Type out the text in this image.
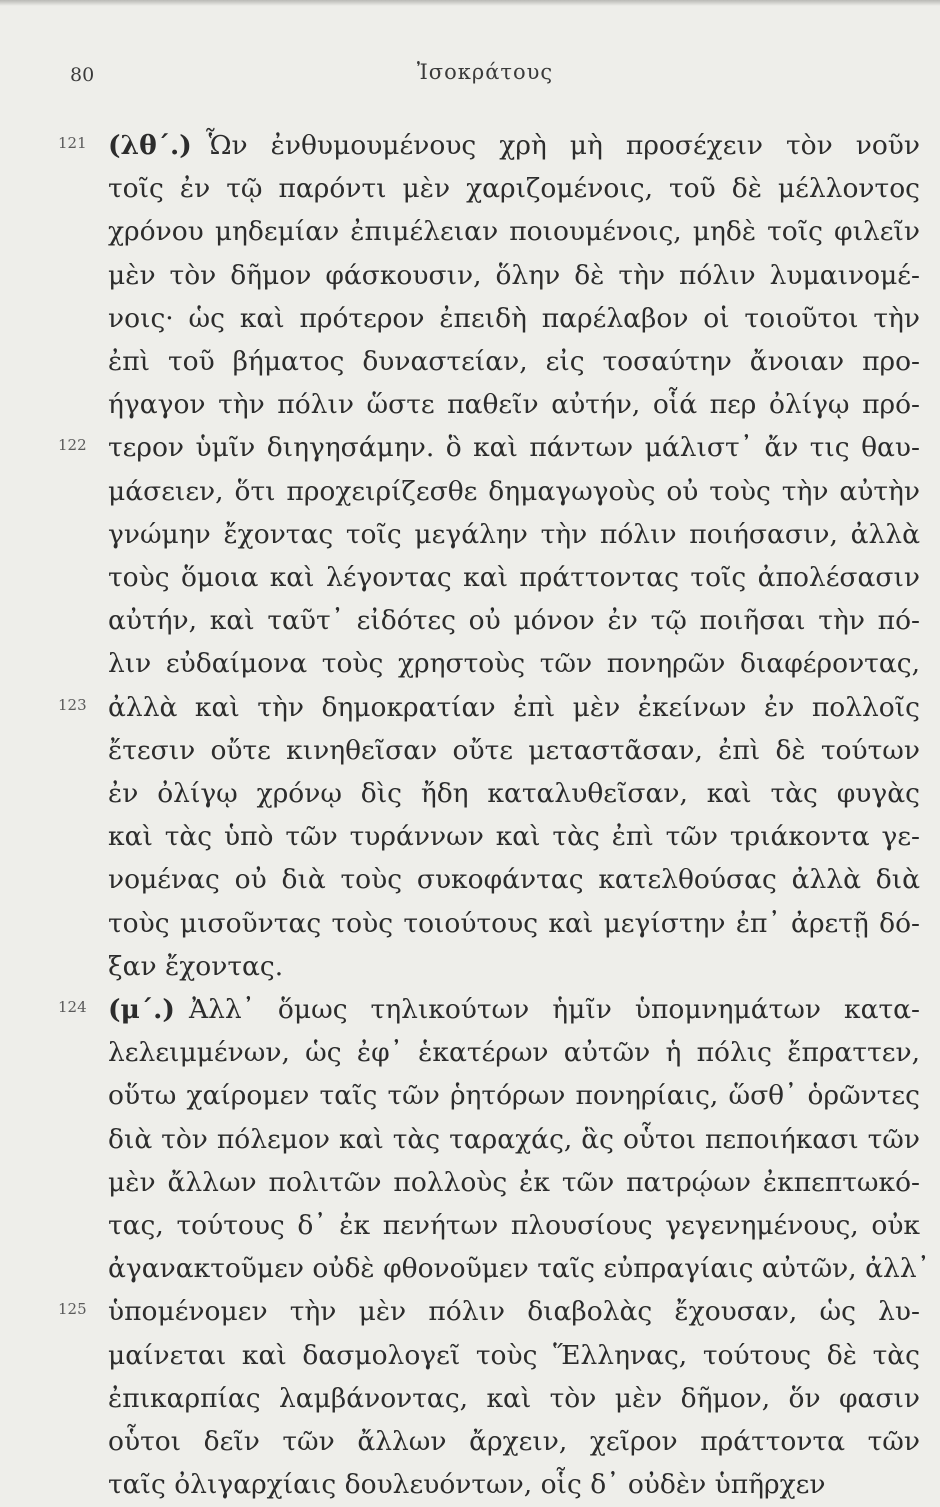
80	Ἰσοκράτους
121 (λθ΄.) Ὧν ἐνθυμουμένους χρὴ μὴ προσέχειν τὸν νοῦν
τοῖς ἐν τῷ παρόντι μὲν χαριζομένοις, τοῦ δὲ μέλλοντος
χρόνου μηδεμίαν ἐπιμέλειαν ποιουμένοις, μηδὲ τοῖς φιλεῖν
μὲν τὸν δῆμον φάσκουσιν, ὅλην δὲ τὴν πόλιν λυμαινομέ-
νοις· ὡς καὶ πρότερον ἐπειδὴ παρέλαβον οἱ τοιοῦτοι τὴν
ἐπὶ τοῦ βήματος δυναστείαν, εἰς τοσαύτην ἄνοιαν προ-
ήγαγον τὴν πόλιν ὥστε παθεῖν αὐτήν, οἷά περ ὀλίγῳ πρό-
122 τερον ὑμῖν διηγησάμην. ὃ καὶ πάντων μάλιστ᾽ ἄν τις θαυ-
μάσειεν, ὅτι προχειρίζεσθε δημαγωγοὺς οὐ τοὺς τὴν αὐτὴν
γνώμην ἔχοντας τοῖς μεγάλην τὴν πόλιν ποιήσασιν, ἀλλὰ
τοὺς ὅμοια καὶ λέγοντας καὶ πράττοντας τοῖς ἀπολέσασιν
αὐτήν, καὶ ταῦτ᾽ εἰδότες οὐ μόνον ἐν τῷ ποιῆσαι τὴν πό-
λιν εὐδαίμονα τοὺς χρηστοὺς τῶν πονηρῶν διαφέροντας,
123 ἀλλὰ καὶ τὴν δημοκρατίαν ἐπὶ μὲν ἐκείνων ἐν πολλοῖς
ἔτεσιν οὔτε κινηθεῖσαν οὔτε μεταστᾶσαν, ἐπὶ δὲ τούτων
ἐν ὀλίγῳ χρόνῳ δὶς ἤδη καταλυθεῖσαν, καὶ τὰς φυγὰς
καὶ τὰς ὑπὸ τῶν τυράννων καὶ τὰς ἐπὶ τῶν τριάκοντα γε-
νομένας οὐ διὰ τοὺς συκοφάντας κατελθούσας ἀλλὰ διὰ
τοὺς μισοῦντας τοὺς τοιούτους καὶ μεγίστην ἐπ᾽ ἀρετῇ δό-
ξαν ἔχοντας.
124 (μ΄.) Ἀλλ᾽ ὅμως τηλικούτων ἡμῖν ὑπομνημάτων κατα-
λελειμμένων, ὡς ἐφ᾽ ἑκατέρων αὐτῶν ἡ πόλις ἔπραττεν,
οὕτω χαίρομεν ταῖς τῶν ῥητόρων πονηρίαις, ὥσθ᾽ ὁρῶντες
διὰ τὸν πόλεμον καὶ τὰς ταραχάς, ἃς οὗτοι πεποιήκασι τῶν
μὲν ἄλλων πολιτῶν πολλοὺς ἐκ τῶν πατρῴων ἐκπεπτωκό-
τας, τούτους δ᾽ ἐκ πενήτων πλουσίους γεγενημένους, οὐκ
ἀγανακτοῦμεν οὐδὲ φθονοῦμεν ταῖς εὐπραγίαις αὐτῶν, ἀλλ᾽
125 ὑπομένομεν τὴν μὲν πόλιν διαβολὰς ἔχουσαν, ὡς λυ-
μαίνεται καὶ δασμολογεῖ τοὺς Ἕλληνας, τούτους δὲ τὰς
ἐπικαρπίας λαμβάνοντας, καὶ τὸν μὲν δῆμον, ὅν φασιν
οὗτοι δεῖν τῶν ἄλλων ἄρχειν, χεῖρον πράττοντα τῶν
ταῖς ὀλιγαρχίαις δουλευόντων, οἷς δ᾽ οὐδὲν ὑπῆρχεν
